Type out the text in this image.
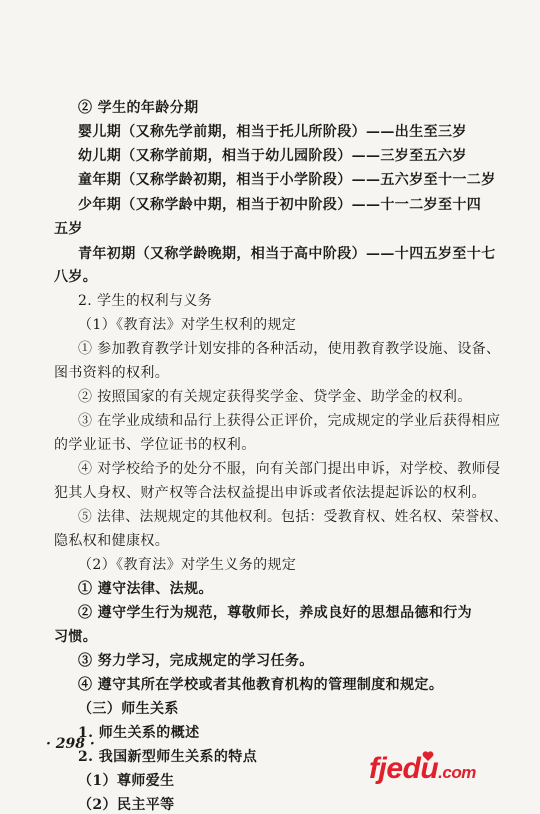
② 学生的年龄分期
婴儿期（又称先学前期，相当于托儿所阶段）——出生至三岁
幼儿期（又称学前期，相当于幼儿园阶段）——三岁至五六岁
童年期（又称学龄初期，相当于小学阶段）——五六岁至十一二岁
少年期（又称学龄中期，相当于初中阶段）——十一二岁至十四
五岁
青年初期（又称学龄晚期，相当于高中阶段）——十四五岁至十七
八岁。
2. 学生的权利与义务
（1）《教育法》对学生权利的规定
① 参加教育教学计划安排的各种活动，使用教育教学设施、设备、
图书资料的权利。
② 按照国家的有关规定获得奖学金、贷学金、助学金的权利。
③ 在学业成绩和品行上获得公正评价，完成规定的学业后获得相应
的学业证书、学位证书的权利。
④ 对学校给予的处分不服，向有关部门提出申诉，对学校、教师侵
犯其人身权、财产权等合法权益提出申诉或者依法提起诉讼的权利。
⑤ 法律、法规规定的其他权利。包括：受教育权、姓名权、荣誉权、
隐私权和健康权。
（2）《教育法》对学生义务的规定
① 遵守法律、法规。
② 遵守学生行为规范，尊敬师长，养成良好的思想品德和行为
习惯。
③ 努力学习，完成规定的学习任务。
④ 遵守其所在学校或者其他教育机构的管理制度和规定。
（三）师生关系
1. 师生关系的概述
2. 我国新型师生关系的特点
（1）尊师爱生
（2）民主平等
· 298 ·
fjedu.com
